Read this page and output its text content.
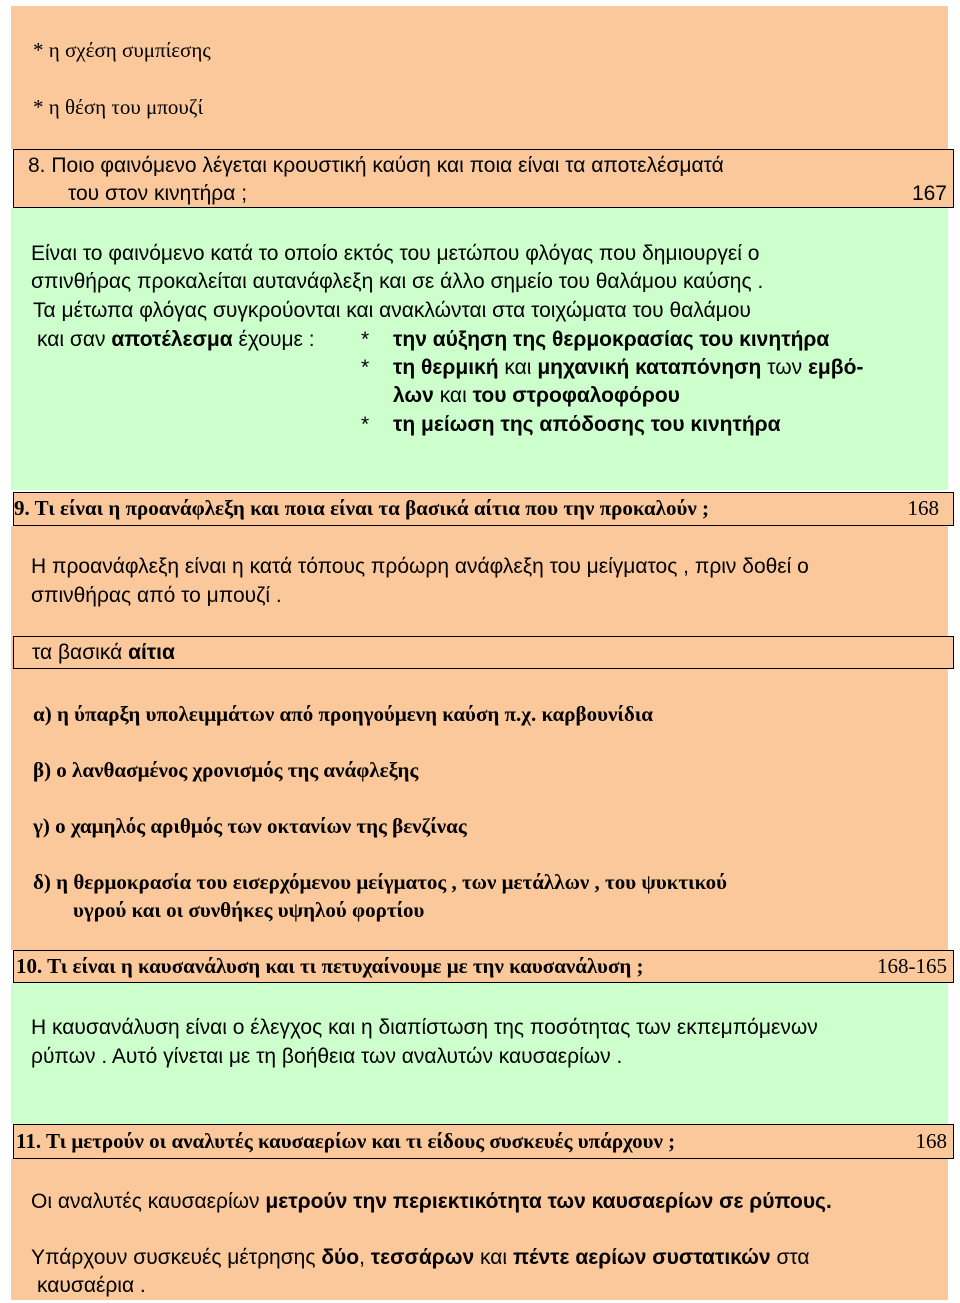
* η σχέση συμπίεσης
* η θέση του μπουζί
8. Ποιο φαινόμενο λέγεται κρουστική καύση και ποια είναι τα αποτελέσματά
του στον κινητήρα ;	167
Είναι το φαινόμενο κατά το οποίο εκτός του μετώπου φλόγας που δημιουργεί ο
σπινθήρας προκαλείται αυτανάφλεξη και σε άλλο σημείο του θαλάμου καύσης .
Τα μέτωπα φλόγας συγκρούονται και ανακλώνται στα τοιχώματα του θαλάμου
και σαν αποτέλεσμα έχουμε : * την αύξηση της θερμοκρασίας του κινητήρα
* τη θερμική και μηχανική καταπόνηση των εμβό-
λων και του στροφαλοφόρου
* τη μείωση της απόδοσης του κινητήρα
9. Τι είναι η προανάφλεξη και ποια είναι τα βασικά αίτια που την προκαλούν ;	168
Η προανάφλεξη είναι η κατά τόπους πρόωρη ανάφλεξη του μείγματος , πριν δοθεί ο
σπινθήρας από το μπουζί .
τα βασικά αίτια
α) η ύπαρξη υπολειμμάτων από προηγούμενη καύση π.χ. καρβουνίδια
β) ο λανθασμένος χρονισμός της ανάφλεξης
γ) ο χαμηλός αριθμός των οκτανίων της βενζίνας
δ) η θερμοκρασία του εισερχόμενου μείγματος , των μετάλλων , του ψυκτικού
υγρού και οι συνθήκες υψηλού φορτίου
10. Τι είναι η καυσανάλυση και τι πετυχαίνουμε με την καυσανάλυση ;	168-165
Η καυσανάλυση είναι ο έλεγχος και η διαπίστωση της ποσότητας των εκπεμπόμενων
ρύπων . Αυτό γίνεται με τη βοήθεια των αναλυτών καυσαερίων .
11. Τι μετρούν οι αναλυτές καυσαερίων και τι είδους συσκευές υπάρχουν ;	168
Οι αναλυτές καυσαερίων μετρούν την περιεκτικότητα των καυσαερίων σε ρύπους.
Υπάρχουν συσκευές μέτρησης δύο, τεσσάρων και πέντε αερίων συστατικών στα
καυσαέρια .
